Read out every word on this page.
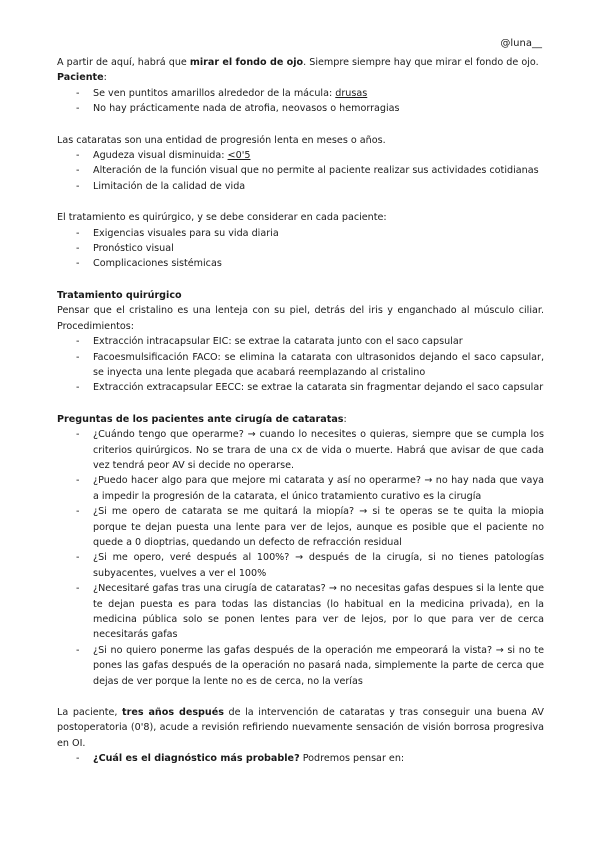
@luna__

A partir de aquí, habrá que mirar el fondo de ojo. Siempre siempre hay que mirar el fondo de ojo.

Paciente:

- Se ven puntitos amarillos alrededor de la mácula: drusas
- No hay prácticamente nada de atrofia, neovasos o hemorragias

Las cataratas son una entidad de progresión lenta en meses o años.

- Agudeza visual disminuida: <0'5
- Alteración de la función visual que no permite al paciente realizar sus actividades cotidianas
- Limitación de la calidad de vida

El tratamiento es quirúrgico, y se debe considerar en cada paciente:

- Exigencias visuales para su vida diaria
- Pronóstico visual
- Complicaciones sistémicas

Tratamiento quirúrgico

Pensar que el cristalino es una lenteja con su piel, detrás del iris y enganchado al músculo ciliar. Procedimientos:

- Extracción intracapsular EIC: se extrae la catarata junto con el saco capsular
- Facoesmulsificación FACO: se elimina la catarata con ultrasonidos dejando el saco capsular, se inyecta una lente plegada que acabará reemplazando al cristalino
- Extracción extracapsular EECC: se extrae la catarata sin fragmentar dejando el saco capsular

Preguntas de los pacientes ante cirugía de cataratas:

- ¿Cuándo tengo que operarme? → cuando lo necesites o quieras, siempre que se cumpla los criterios quirúrgicos. No se trara de una cx de vida o muerte. Habrá que avisar de que cada vez tendrá peor AV si decide no operarse.
- ¿Puedo hacer algo para que mejore mi catarata y así no operarme? → no hay nada que vaya a impedir la progresión de la catarata, el único tratamiento curativo es la cirugía
- ¿Si me opero de catarata se me quitará la miopía? → si te operas se te quita la miopia porque te dejan puesta una lente para ver de lejos, aunque es posible que el paciente no quede a 0 dioptrias, quedando un defecto de refracción residual
- ¿Si me opero, veré después al 100%? → después de la cirugía, si no tienes patologías subyacentes, vuelves a ver el 100%
- ¿Necesitaré gafas tras una cirugía de cataratas? → no necesitas gafas despues si la lente que te dejan puesta es para todas las distancias (lo habitual en la medicina privada), en la medicina pública solo se ponen lentes para ver de lejos, por lo que para ver de cerca necesitarás gafas
- ¿Si no quiero ponerme las gafas después de la operación me empeorará la vista? → si no te pones las gafas después de la operación no pasará nada, simplemente la parte de cerca que dejas de ver porque la lente no es de cerca, no la verías

La paciente, tres años después de la intervención de cataratas y tras conseguir una buena AV postoperatoria (0'8), acude a revisión refiriendo nuevamente sensación de visión borrosa progresiva en OI.

- ¿Cuál es el diagnóstico más probable? Podremos pensar en:
